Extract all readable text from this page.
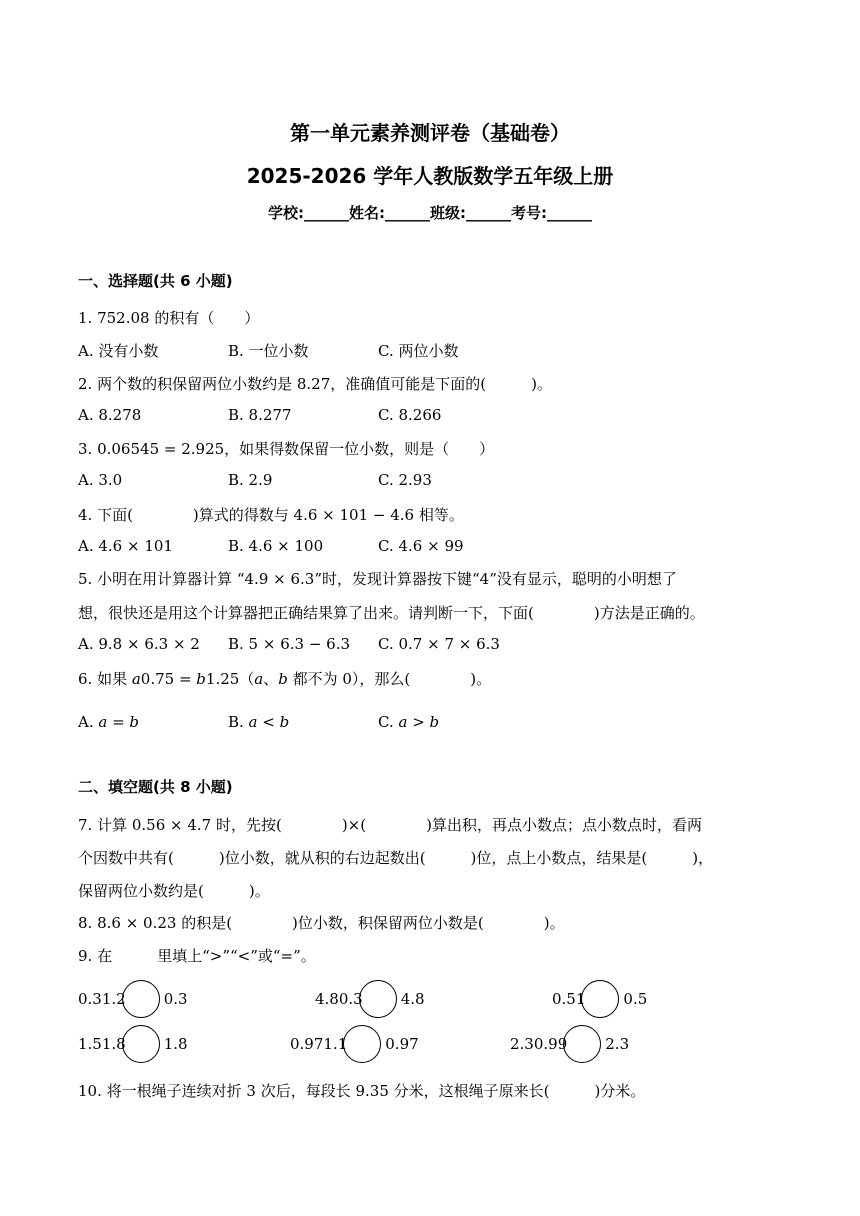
第一单元素养测评卷（基础卷）
2025-2026 学年人教版数学五年级上册
学校:______姓名:______班级:______考号:______
一、选择题(共 6 小题)
1. 752.08 的积有（　　）
A. 没有小数	B. 一位小数	C. 两位小数
2. 两个数的积保留两位小数约是 8.27，准确值可能是下面的(　　　)。
A. 8.278	B. 8.277	C. 8.266
3. 0.06545 = 2.925，如果得数保留一位小数，则是（　　）
A. 3.0	B. 2.9	C. 2.93
4. 下面(　　　　)算式的得数与 4.6 × 101 − 4.6 相等。
A. 4.6 × 101	B. 4.6 × 100	C. 4.6 × 99
5. 小明在用计算器计算 “4.9 × 6.3”时，发现计算器按下键“4”没有显示，聪明的小明想了
想，很快还是用这个计算器把正确结果算了出来。请判断一下，下面(　　　　)方法是正确的。
A. 9.8 × 6.3 × 2 B. 5 × 6.3 − 6.3 C. 0.7 × 7 × 6.3
6. 如果 𝑎0.75 = 𝑏1.25（𝑎、𝑏 都不为 0），那么(　　　　)。
A. 𝑎 = 𝑏	B. 𝑎 < 𝑏	C. 𝑎 > 𝑏
二、填空题(共 8 小题)
7. 计算 0.56 × 4.7 时，先按(　　　　)×(　　　　)算出积，再点小数点；点小数点时，看两
个因数中共有(　　　)位小数，就从积的右边起数出(　　　)位，点上小数点，结果是(　　　)，
保留两位小数约是(　　　)。
8. 8.6 × 0.23 的积是(　　　　)位小数，积保留两位小数是(　　　　)。
9. 在　　　里填上“>”“<”或“=”。
0.31.2	0.3	4.80.3	4.8	0.51	0.5
1.51.8	1.8	0.971.1	0.97	2.30.99	2.3
10. 将一根绳子连续对折 3 次后，每段长 9.35 分米，这根绳子原来长(　　　)分米。
